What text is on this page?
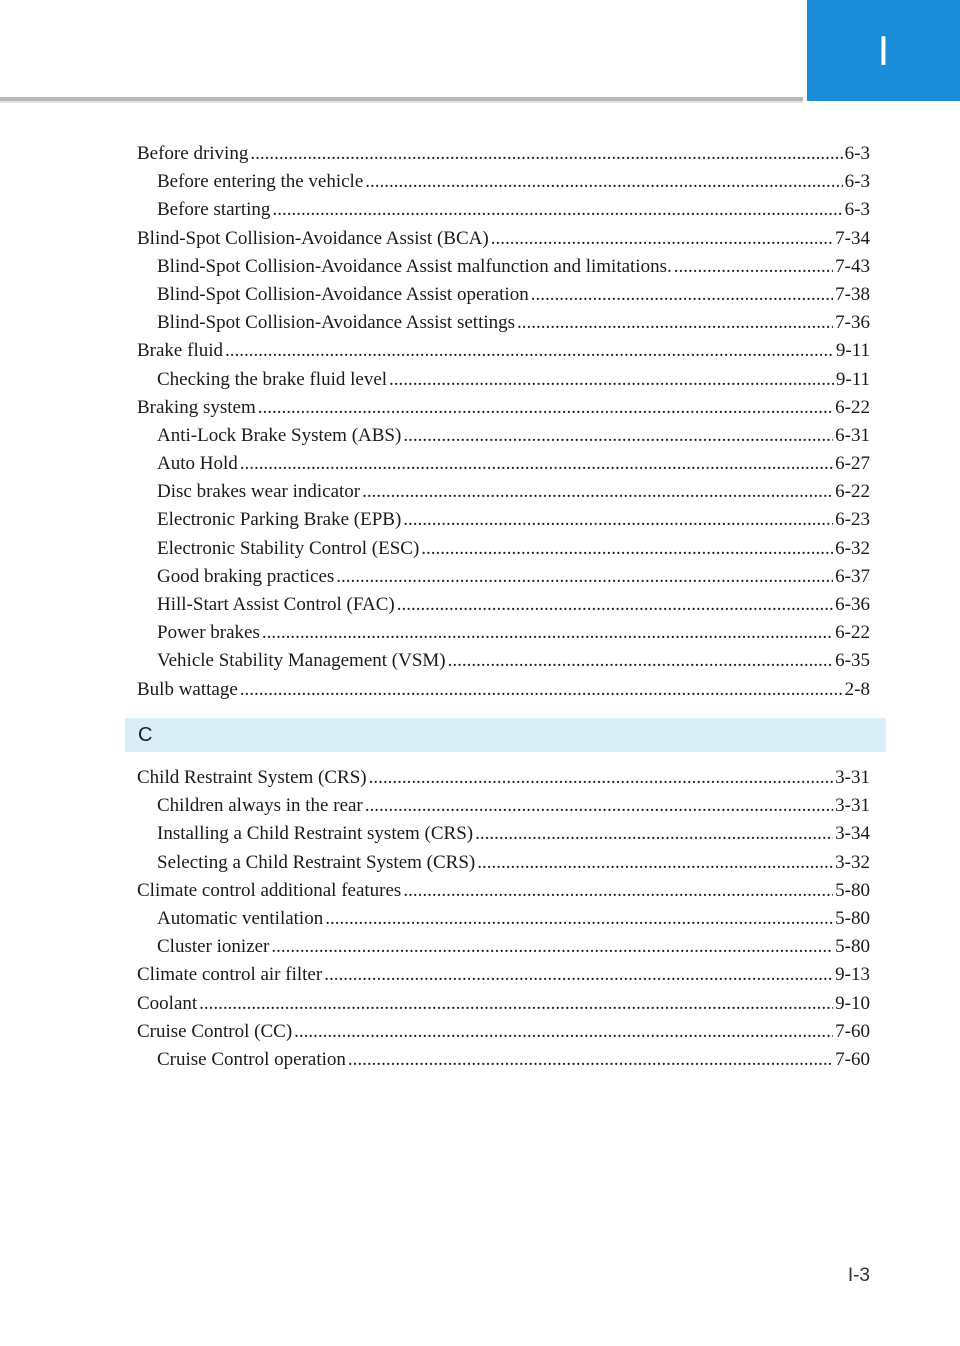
I
Before driving .....	6-3
Before entering the vehicle .....	6-3
Before starting .....	6-3
Blind-Spot Collision-Avoidance Assist (BCA) .....	7-34
Blind-Spot Collision-Avoidance Assist malfunction and limitations. .....	7-43
Blind-Spot Collision-Avoidance Assist operation .....	7-38
Blind-Spot Collision-Avoidance Assist settings .....	7-36
Brake fluid .....	9-11
Checking the brake fluid level .....	9-11
Braking system .....	6-22
Anti-Lock Brake System (ABS) .....	6-31
Auto Hold .....	6-27
Disc brakes wear indicator .....	6-22
Electronic Parking Brake (EPB) .....	6-23
Electronic Stability Control (ESC) .....	6-32
Good braking practices .....	6-37
Hill-Start Assist Control (FAC) .....	6-36
Power brakes .....	6-22
Vehicle Stability Management (VSM) .....	6-35
Bulb wattage .....	2-8
C
Child Restraint System (CRS) .....	3-31
Children always in the rear .....	3-31
Installing a Child Restraint system (CRS) .....	3-34
Selecting a Child Restraint System (CRS) .....	3-32
Climate control additional features .....	5-80
Automatic ventilation .....	5-80
Cluster ionizer .....	5-80
Climate control air filter .....	9-13
Coolant .....	9-10
Cruise Control (CC) .....	7-60
Cruise Control operation .....	7-60
I-3
